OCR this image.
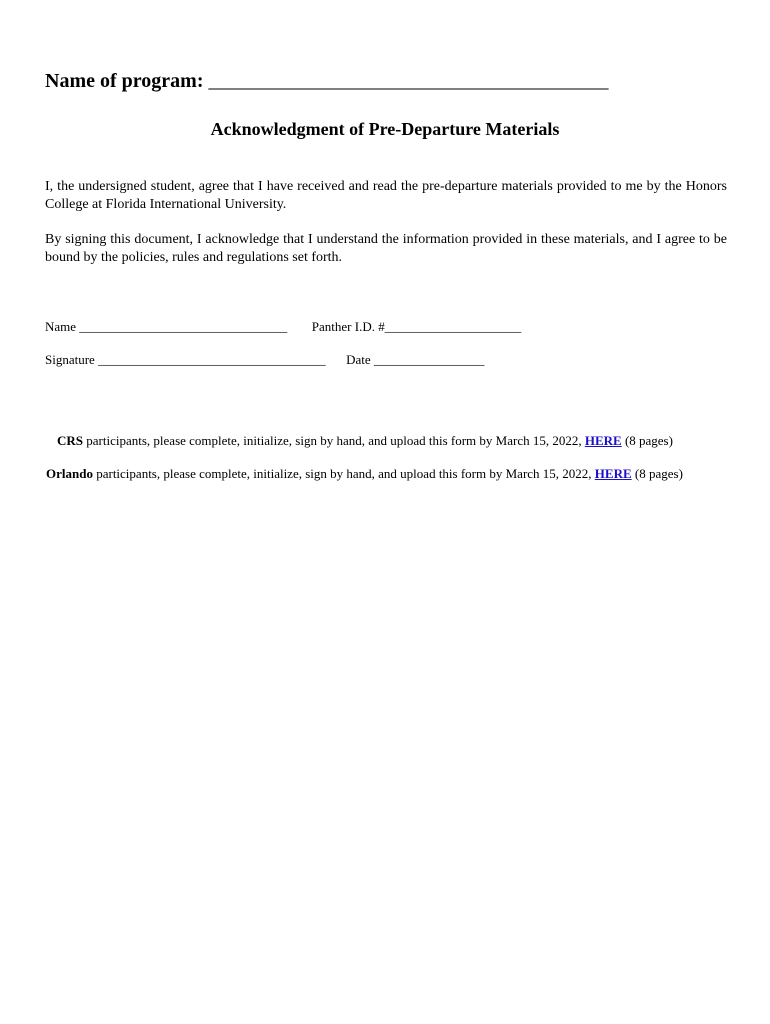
Name of program: ________________________________________
Acknowledgment of Pre-Departure Materials

I, the undersigned student, agree that I have received and read the pre-departure materials provided to me by the Honors College at Florida International University.

By signing this document, I acknowledge that I understand the information provided in these materials, and I agree to be bound by the policies, rules and regulations set forth.

Name ________________________________ Panther I.D. #_____________________
Signature ___________________________________ Date _________________
CRS participants, please complete, initialize, sign by hand, and upload this form by March 15, 2022, HERE (8 pages)
Orlando participants, please complete, initialize, sign by hand, and upload this form by March 15, 2022, HERE (8 pages)
